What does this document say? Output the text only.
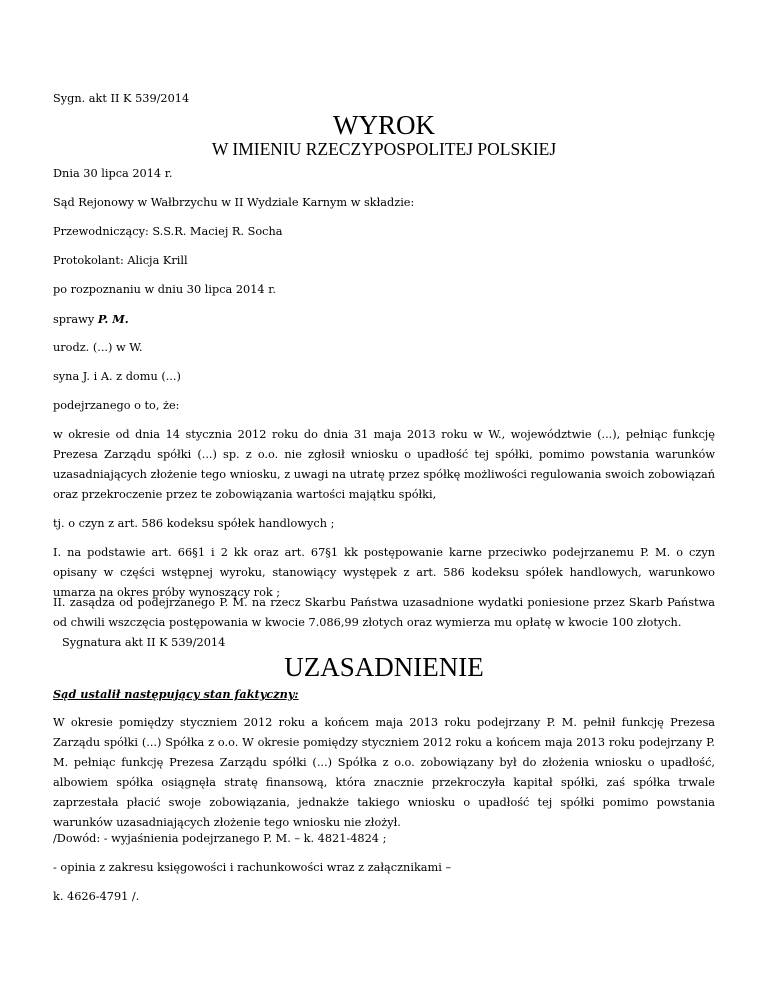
Sygn. akt II K 539/2014
WYROK
W IMIENIU RZECZYPOSPOLITEJ POLSKIEJ
Dnia 30 lipca 2014 r.
Sąd Rejonowy w Wałbrzychu w II Wydziale Karnym w składzie:
Przewodniczący: S.S.R. Maciej R. Socha
Protokolant: Alicja Krill
po rozpoznaniu w dniu 30 lipca 2014 r.
sprawy P. M.
urodz. (...) w W.
syna J. i A. z domu (...)
podejrzanego o to, że:
w okresie od dnia 14 stycznia 2012 roku do dnia 31 maja 2013 roku w W., województwie (...), pełniąc funkcję Prezesa Zarządu spółki (...) sp. z o.o. nie zgłosił wniosku o upadłość tej spółki, pomimo powstania warunków uzasadniających złożenie tego wniosku, z uwagi na utratę przez spółkę możliwości regulowania swoich zobowiązań oraz przekroczenie przez te zobowiązania wartości majątku spółki,
tj. o czyn z art. 586 kodeksu spółek handlowych ;
I. na podstawie art. 66§1 i 2 kk oraz art. 67§1 kk postępowanie karne przeciwko podejrzanemu P. M. o czyn opisany w części wstępnej wyroku, stanowiący występek z art. 586 kodeksu spółek handlowych, warunkowo umarza na okres próby wynoszący rok ;
II. zasądza od podejrzanego P. M. na rzecz Skarbu Państwa uzasadnione wydatki poniesione przez Skarb Państwa od chwili wszczęcia postępowania w kwocie 7.086,99 złotych oraz wymierza mu opłatę w kwocie 100 złotych.
Sygnatura akt II K 539/2014
UZASADNIENIE
Sąd ustalił następujący stan faktyczny:
W okresie pomiędzy styczniem 2012 roku a końcem maja 2013 roku podejrzany P. M. pełnił funkcję Prezesa Zarządu spółki (...) Spółka z o.o. W okresie pomiędzy styczniem 2012 roku a końcem maja 2013 roku podejrzany P. M. pełniąc funkcję Prezesa Zarządu spółki (...) Spółka z o.o. zobowiązany był do złożenia wniosku o upadłość, albowiem spółka osiągnęła stratę finansową, która znacznie przekroczyła kapitał spółki, zaś spółka trwale zaprzestała płacić swoje zobowiązania, jednakże takiego wniosku o upadłość tej spółki pomimo powstania warunków uzasadniających złożenie tego wniosku nie złożył.
/Dowód: - wyjaśnienia podejrzanego P. M. – k. 4821-4824 ;
- opinia z zakresu księgowości i rachunkowości wraz z załącznikami –
k. 4626-4791 /.
